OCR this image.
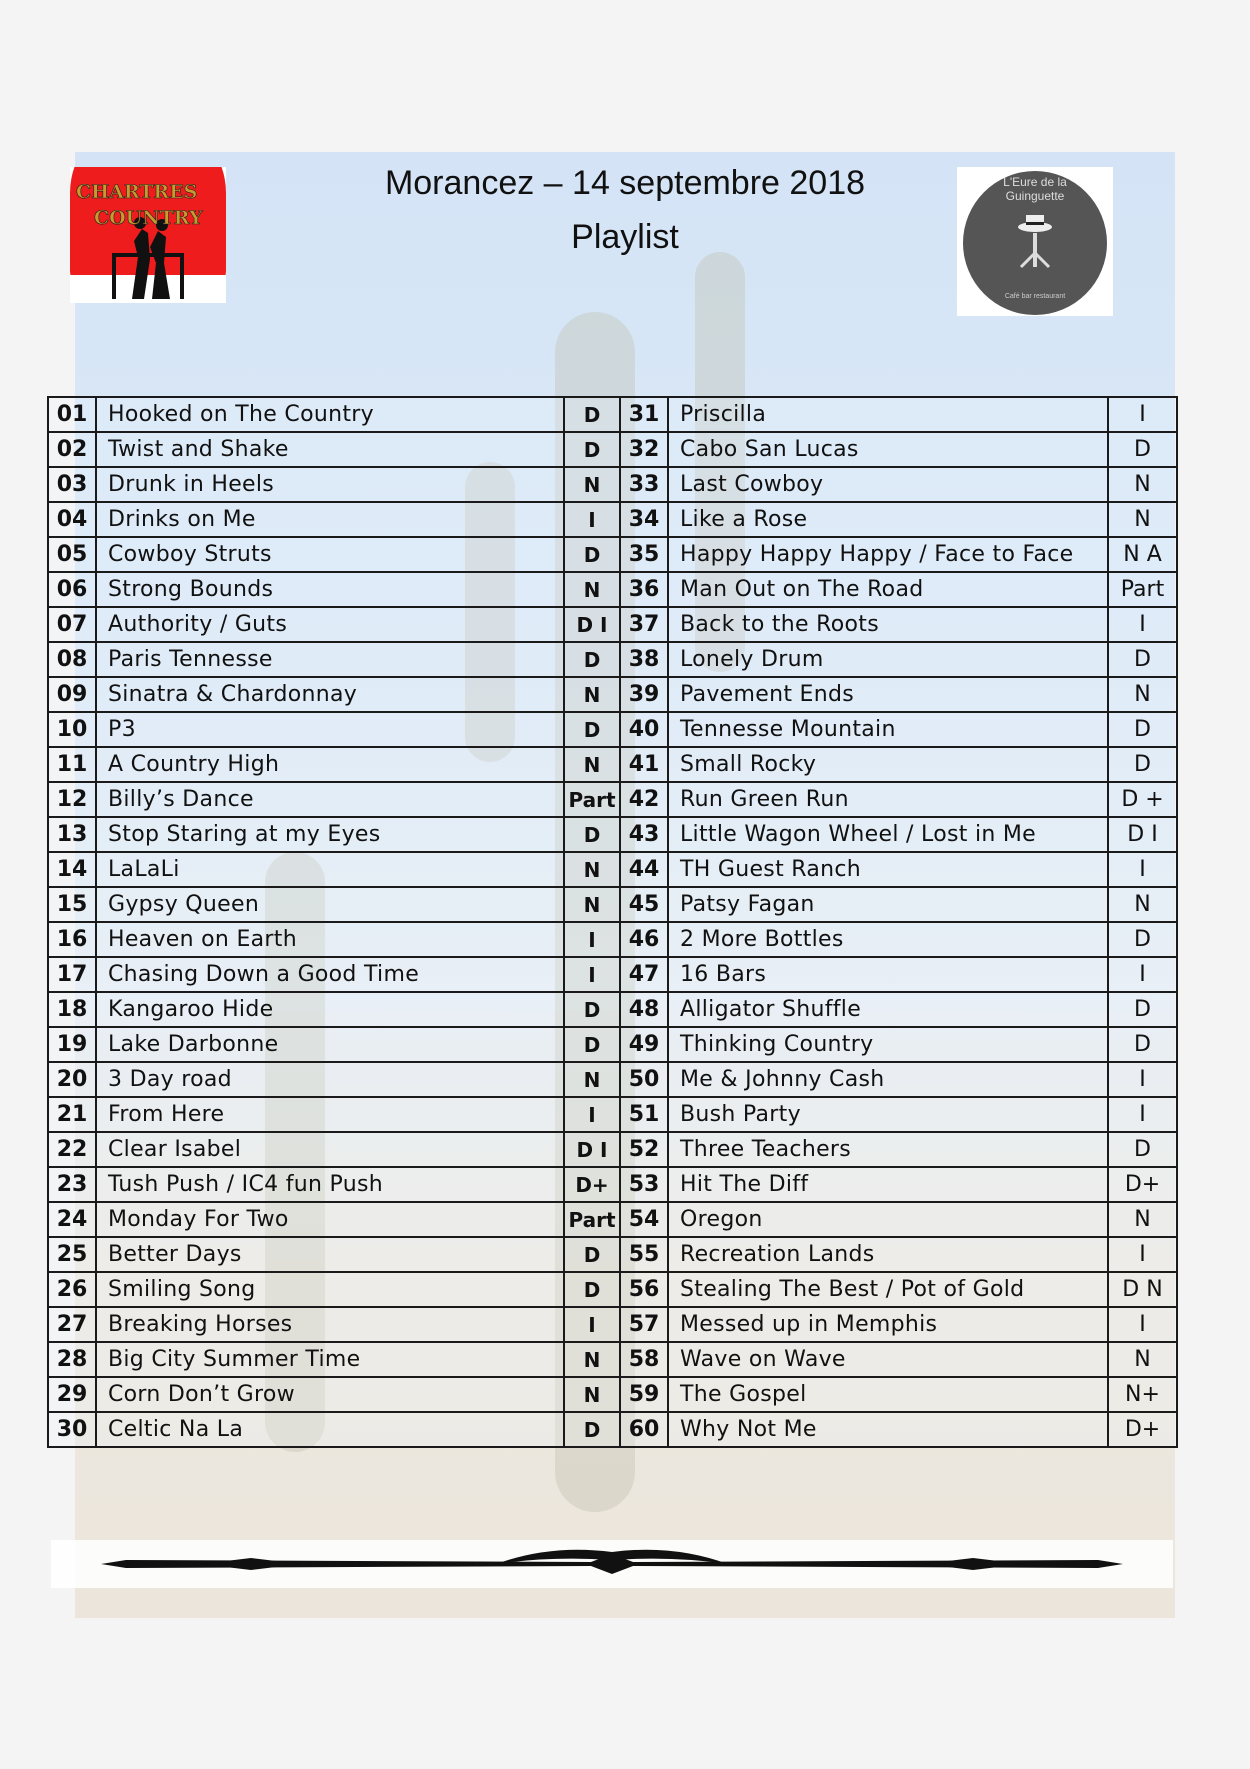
Morancez – 14 septembre 2018
Playlist
CHARTRES
COUNTRY
L'Eure de la
Guinguette
Café bar restaurant
01	Hooked on The Country	D	31	Priscilla	I
02	Twist and Shake	D	32	Cabo San Lucas	D
03	Drunk in Heels	N	33	Last Cowboy	N
04	Drinks on Me	I	34	Like a Rose	N
05	Cowboy Struts	D	35	Happy Happy Happy / Face to Face	N A
06	Strong Bounds	N	36	Man Out on The Road	Part
07	Authority / Guts	D I	37	Back to the Roots	I
08	Paris Tennesse	D	38	Lonely Drum	D
09	Sinatra & Chardonnay	N	39	Pavement Ends	N
10	P3	D	40	Tennesse Mountain	D
11	A Country High	N	41	Small Rocky	D
12	Billy’s Dance	Part	42	Run Green Run	D +
13	Stop Staring at my Eyes	D	43	Little Wagon Wheel / Lost in Me	D I
14	LaLaLi	N	44	TH Guest Ranch	I
15	Gypsy Queen	N	45	Patsy Fagan	N
16	Heaven on Earth	I	46	2 More Bottles	D
17	Chasing Down a Good Time	I	47	16 Bars	I
18	Kangaroo Hide	D	48	Alligator Shuffle	D
19	Lake Darbonne	D	49	Thinking Country	D
20	3 Day road	N	50	Me & Johnny Cash	I
21	From Here	I	51	Bush Party	I
22	Clear Isabel	D I	52	Three Teachers	D
23	Tush Push / IC4 fun Push	D+	53	Hit The Diff	D+
24	Monday For Two	Part	54	Oregon	N
25	Better Days	D	55	Recreation Lands	I
26	Smiling Song	D	56	Stealing The Best / Pot of Gold	D N
27	Breaking Horses	I	57	Messed up in Memphis	I
28	Big City Summer Time	N	58	Wave on Wave	N
29	Corn Don’t Grow	N	59	The Gospel	N+
30	Celtic Na La	D	60	Why Not Me	D+
